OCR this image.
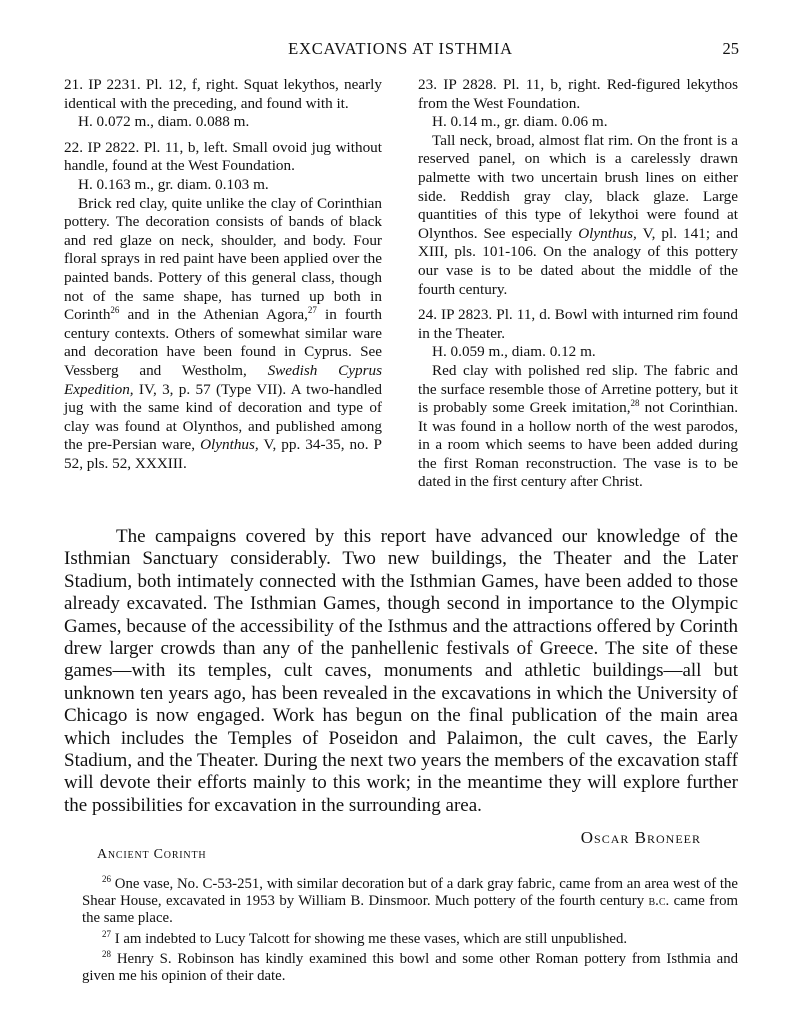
EXCAVATIONS AT ISTHMIA	25

21. IP 2231. Pl. 12, f, right. Squat lekythos, nearly identical with the preceding, and found with it.

H. 0.072 m., diam. 0.088 m.

22. IP 2822. Pl. 11, b, left. Small ovoid jug without handle, found at the West Foundation.

H. 0.163 m., gr. diam. 0.103 m.

Brick red clay, quite unlike the clay of Corinthian pottery. The decoration consists of bands of black and red glaze on neck, shoulder, and body. Four floral sprays in red paint have been applied over the painted bands. Pottery of this general class, though not of the same shape, has turned up both in Corinth$^{26}$ and in the Athenian Agora,$^{27}$ in fourth century contexts. Others of somewhat similar ware and decoration have been found in Cyprus. See Vessberg and Westholm, Swedish Cyprus Expedition, IV, 3, p. 57 (Type VII). A two-handled jug with the same kind of decoration and type of clay was found at Olynthos, and published among the pre-Persian ware, Olynthus, V, pp. 34-35, no. P 52, pls. 52, XXXIII.

23. IP 2828. Pl. 11, b, right. Red-figured lekythos from the West Foundation.

H. 0.14 m., gr. diam. 0.06 m.

Tall neck, broad, almost flat rim. On the front is a reserved panel, on which is a carelessly drawn palmette with two uncertain brush lines on either side. Reddish gray clay, black glaze. Large quantities of this type of lekythoi were found at Olynthos. See especially Olynthus, V, pl. 141; and XIII, pls. 101-106. On the analogy of this pottery our vase is to be dated about the middle of the fourth century.

24. IP 2823. Pl. 11, d. Bowl with inturned rim found in the Theater.

H. 0.059 m., diam. 0.12 m.

Red clay with polished red slip. The fabric and the surface resemble those of Arretine pottery, but it is probably some Greek imitation,$^{28}$ not Corinthian. It was found in a hollow north of the west parodos, in a room which seems to have been added during the first Roman reconstruction. The vase is to be dated in the first century after Christ.

The campaigns covered by this report have advanced our knowledge of the Isthmian Sanctuary considerably. Two new buildings, the Theater and the Later Stadium, both intimately connected with the Isthmian Games, have been added to those already excavated. The Isthmian Games, though second in importance to the Olympic Games, because of the accessibility of the Isthmus and the attractions offered by Corinth drew larger crowds than any of the panhellenic festivals of Greece. The site of these games—with its temples, cult caves, monuments and athletic buildings—all but unknown ten years ago, has been revealed in the excavations in which the University of Chicago is now engaged. Work has begun on the final publication of the main area which includes the Temples of Poseidon and Palaimon, the cult caves, the Early Stadium, and the Theater. During the next two years the members of the excavation staff will devote their efforts mainly to this work; in the meantime they will explore further the possibilities for excavation in the surrounding area.

Oscar Broneer
Ancient Corinth

$^{26}$ One vase, No. C-53-251, with similar decoration but of a dark gray fabric, came from an area west of the Shear House, excavated in 1953 by William B. Dinsmoor. Much pottery of the fourth century b.c. came from the same place.

$^{27}$ I am indebted to Lucy Talcott for showing me these vases, which are still unpublished.

$^{28}$ Henry S. Robinson has kindly examined this bowl and some other Roman pottery from Isthmia and given me his opinion of their date.
